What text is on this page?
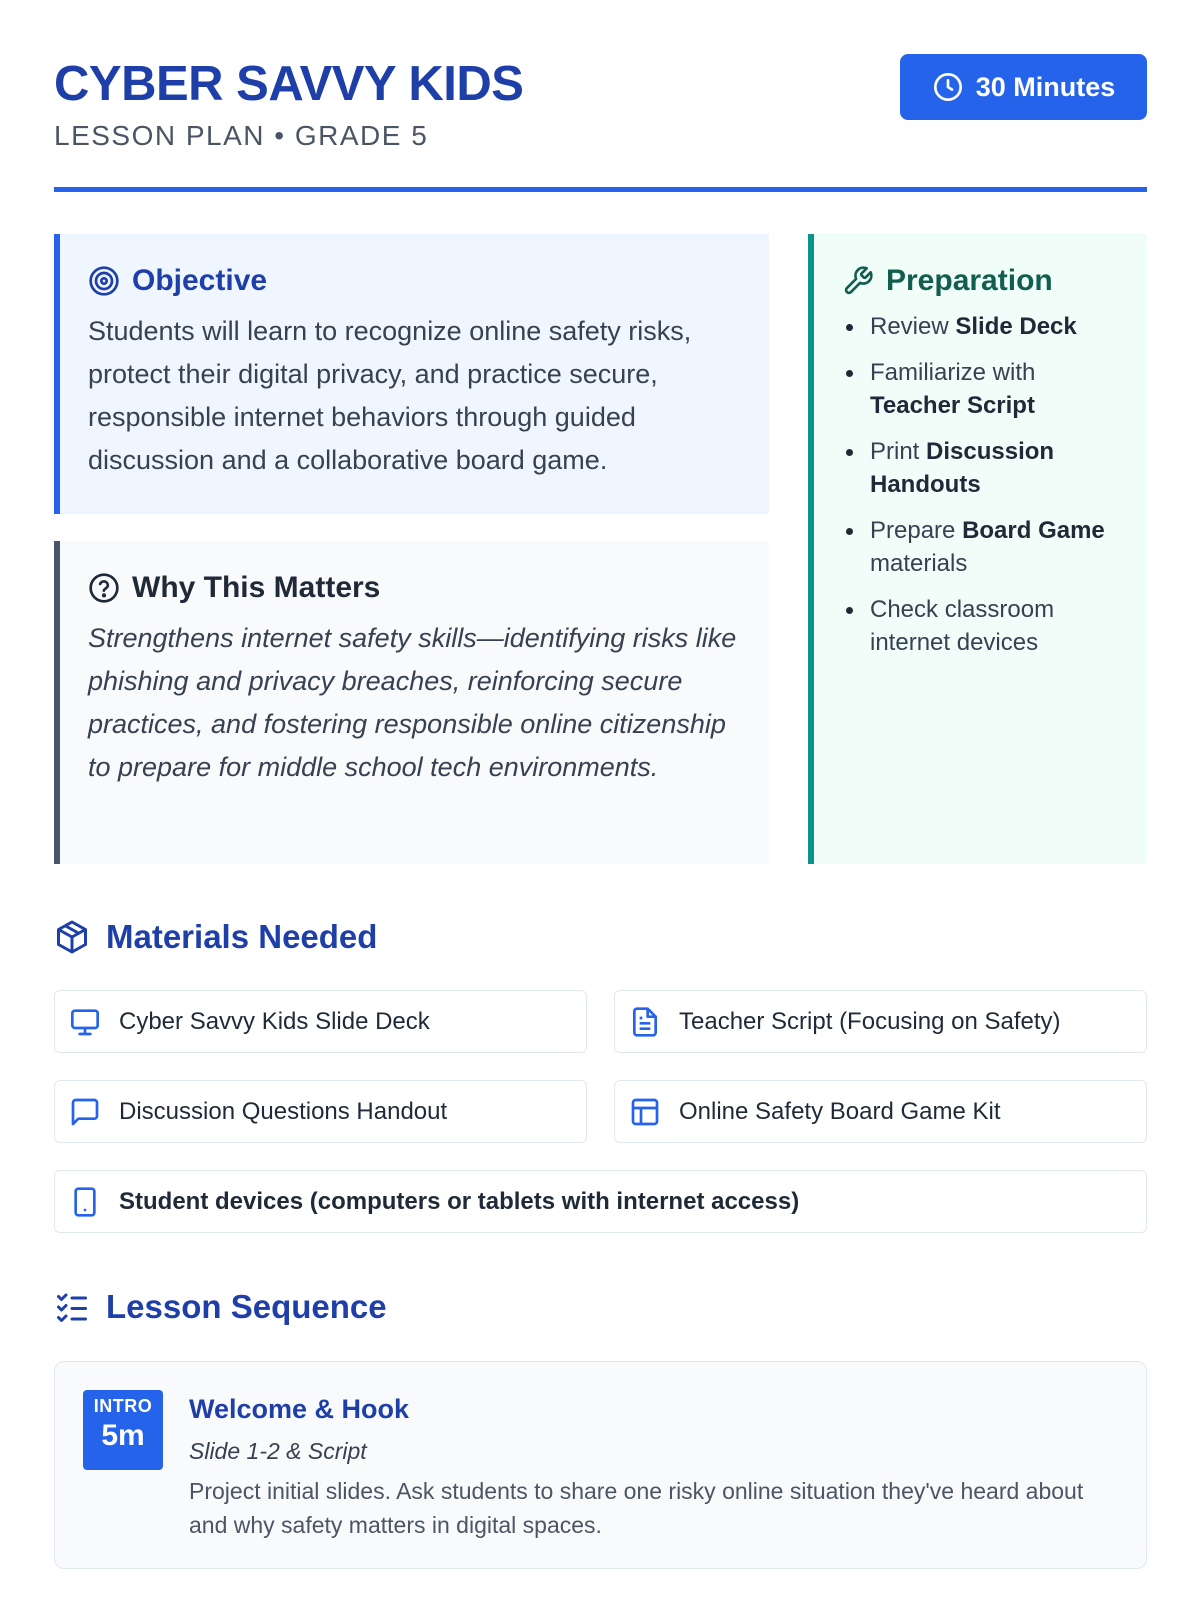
CYBER SAVVY KIDS
LESSON PLAN • GRADE 5
30 Minutes
Objective
Students will learn to recognize online safety risks, protect their digital privacy, and practice secure, responsible internet behaviors through guided discussion and a collaborative board game.
Why This Matters
Strengthens internet safety skills—identifying risks like phishing and privacy breaches, reinforcing secure practices, and fostering responsible online citizenship to prepare for middle school tech environments.
Preparation
Review Slide Deck
Familiarize with
Teacher Script
Print Discussion Handouts
Prepare Board Game materials
Check classroom internet devices
Materials Needed
Cyber Savvy Kids Slide Deck	Teacher Script (Focusing on Safety)
Discussion Questions Handout	Online Safety Board Game Kit
Student devices (computers or tablets with internet access)
Lesson Sequence
INTRO
5m
Welcome & Hook
Slide 1-2 & Script
Project initial slides. Ask students to share one risky online situation they've heard about and why safety matters in digital spaces.
